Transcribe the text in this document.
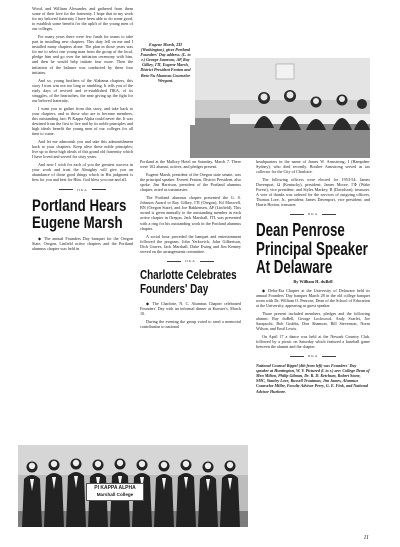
Wood, and William Alexander, and gathered from them some of their love for the fraternity. I hope that in my work for my beloved fraternity I have been able to do some good, to establish some benefit for the uplift of the young men of our colleges.

For many years there were few funds for teams to take part in installing new chapters. This duty fell on me and I installed many chapters alone. The plan in those years was for me to select one young man from the group of the local, pledge him and go over the initiation ceremony with him, and then he would help initiate four more. Then the initiation of the balance was conducted by these four initiates.

And so, young brothers of the Alabama chapters, this story I trust was not too long or rambling. It tells you of the early days of revived and re-established ΠKA, of its struggles, of the heartaches, the near giving up the fight for our beloved fraternity.

I want you to gather from this story, and take back to your chapters, and to those who are to become members, this outstanding fact: Pi Kappa Alpha could never die. It was destined from the first to live and by its noble principles and high ideals benefit the young men of our colleges for all time to come.

And let me admonish you and take this admonishment back to your chapters: Keep alive these noble principles; live up to these high ideals of this grand old fraternity which I have loved and served for sixty years.

And now I wish for each of you the greatest success in your work and trust the Almighty will give you an abundance of those good things which in His judgment is best for you and best for Him. God bless you one and all.

ΠKA
Portland Hears
Eugene Marsh

◆ The annual Founders Day banquet for the Oregon State, Oregon, Linfield active chapters and the Portland alumnus chapter was held in

Eugene Marsh, ΣΠ (Washington), gives Portland Founders' Day address. (L. to r.) George Jameson, ΔP, Ray Gilkey, ΓΠ, Eugene Marsh, District President Fenton and Beta-Nu Alumnus Counselor Wergant.

Portland at the Mallory Hotel on Saturday, March 7. There were 102 alumni, actives, and pledges present.

Eugene Marsh, president of the Oregon state senate, was the principal speaker. Everett Fenton, District President, also spoke. Jim Harrison, president of the Portland alumnus chapter, acted as toastmaster.

The Portland alumnus chapter presented the G. S. Johnson Award to Ray Gilkey, ΓΠ (Oregon), Ed Maxwell, BN (Oregon State), and Joe Bakkensen, ΔP (Linfield). This award is given annually to the outstanding member in each active chapter in Oregon. Jack Marshall, ΓΠ, was presented with a ring for his outstanding work in the Portland alumnus chapter.

A social hour preceded the banquet and entertainment followed the program. John Yerkovich, John Gilbertson, Dick Graves, Jack Marshall, Duke Ewing and Jim Kenney served on the arrangements committee.

ΠKA
Charlotte Celebrates
Founders' Day

◆ The Charlotte, N. C. Alumnus Chapter celebrated Founders' Day with an informal dinner at Kuester's, March 10.

During the evening the group voted to send a memorial contribution to national

headquarters in the name of James W. Armstrong, I (Hampden-Sydney), who died recently. Brother Armstrong served as tax collector for the City of Charlotte.

The following officers were elected for 1953-54: James Davenport, Ω (Kentucky), president; James Moore, ΓΦ (Wake Forest), vice president; and Styles Markey, B (Davidson), treasurer. A vote of thanks was ordered for the services of outgoing officers, Thomas Lore, Jr., president; James Davenport, vice president; and Harris Horton, treasurer.

ΠKA
Dean Penrose
Principal Speaker
At Delaware
By William H. duBell

◆ Delta-Eta Chapter at the University of Delaware held its annual Founders' Day banquet March 28 in the old college banquet room with Dr. William O. Penrose, Dean of the School of Education at the University, appearing as guest speaker.

Those present included members, pledges and the following alumni: Ray duBell, George Lockwood, Andy Scarlet, Joe Sarapuchi, Bob Grubbs, Don Shannon, Bill Stevenson, Norm Wilson, and Emil Lewis.

On April 17 a dance was held at the Newark Country Club, followed by a picnic on Saturday which featured a baseball game between the alumni and the chapter.

ΠKA
National Counsel Rippel (4th from left) was Founders' Day speaker at Huntington, W. V. Pictured (l. to r.) are: College Dean of Men Milton, Philip Gilman, Dr. R. D. Ketchum, Robert Stone, SMC, Stanley Love, Russell Troutman, Jim James, Alumnus Counselor Miller, Faculty Advisor Perry, G. E. Fink, and National Advisor Huebner.
PI KAPPA ALPHA
Marshall College
11
